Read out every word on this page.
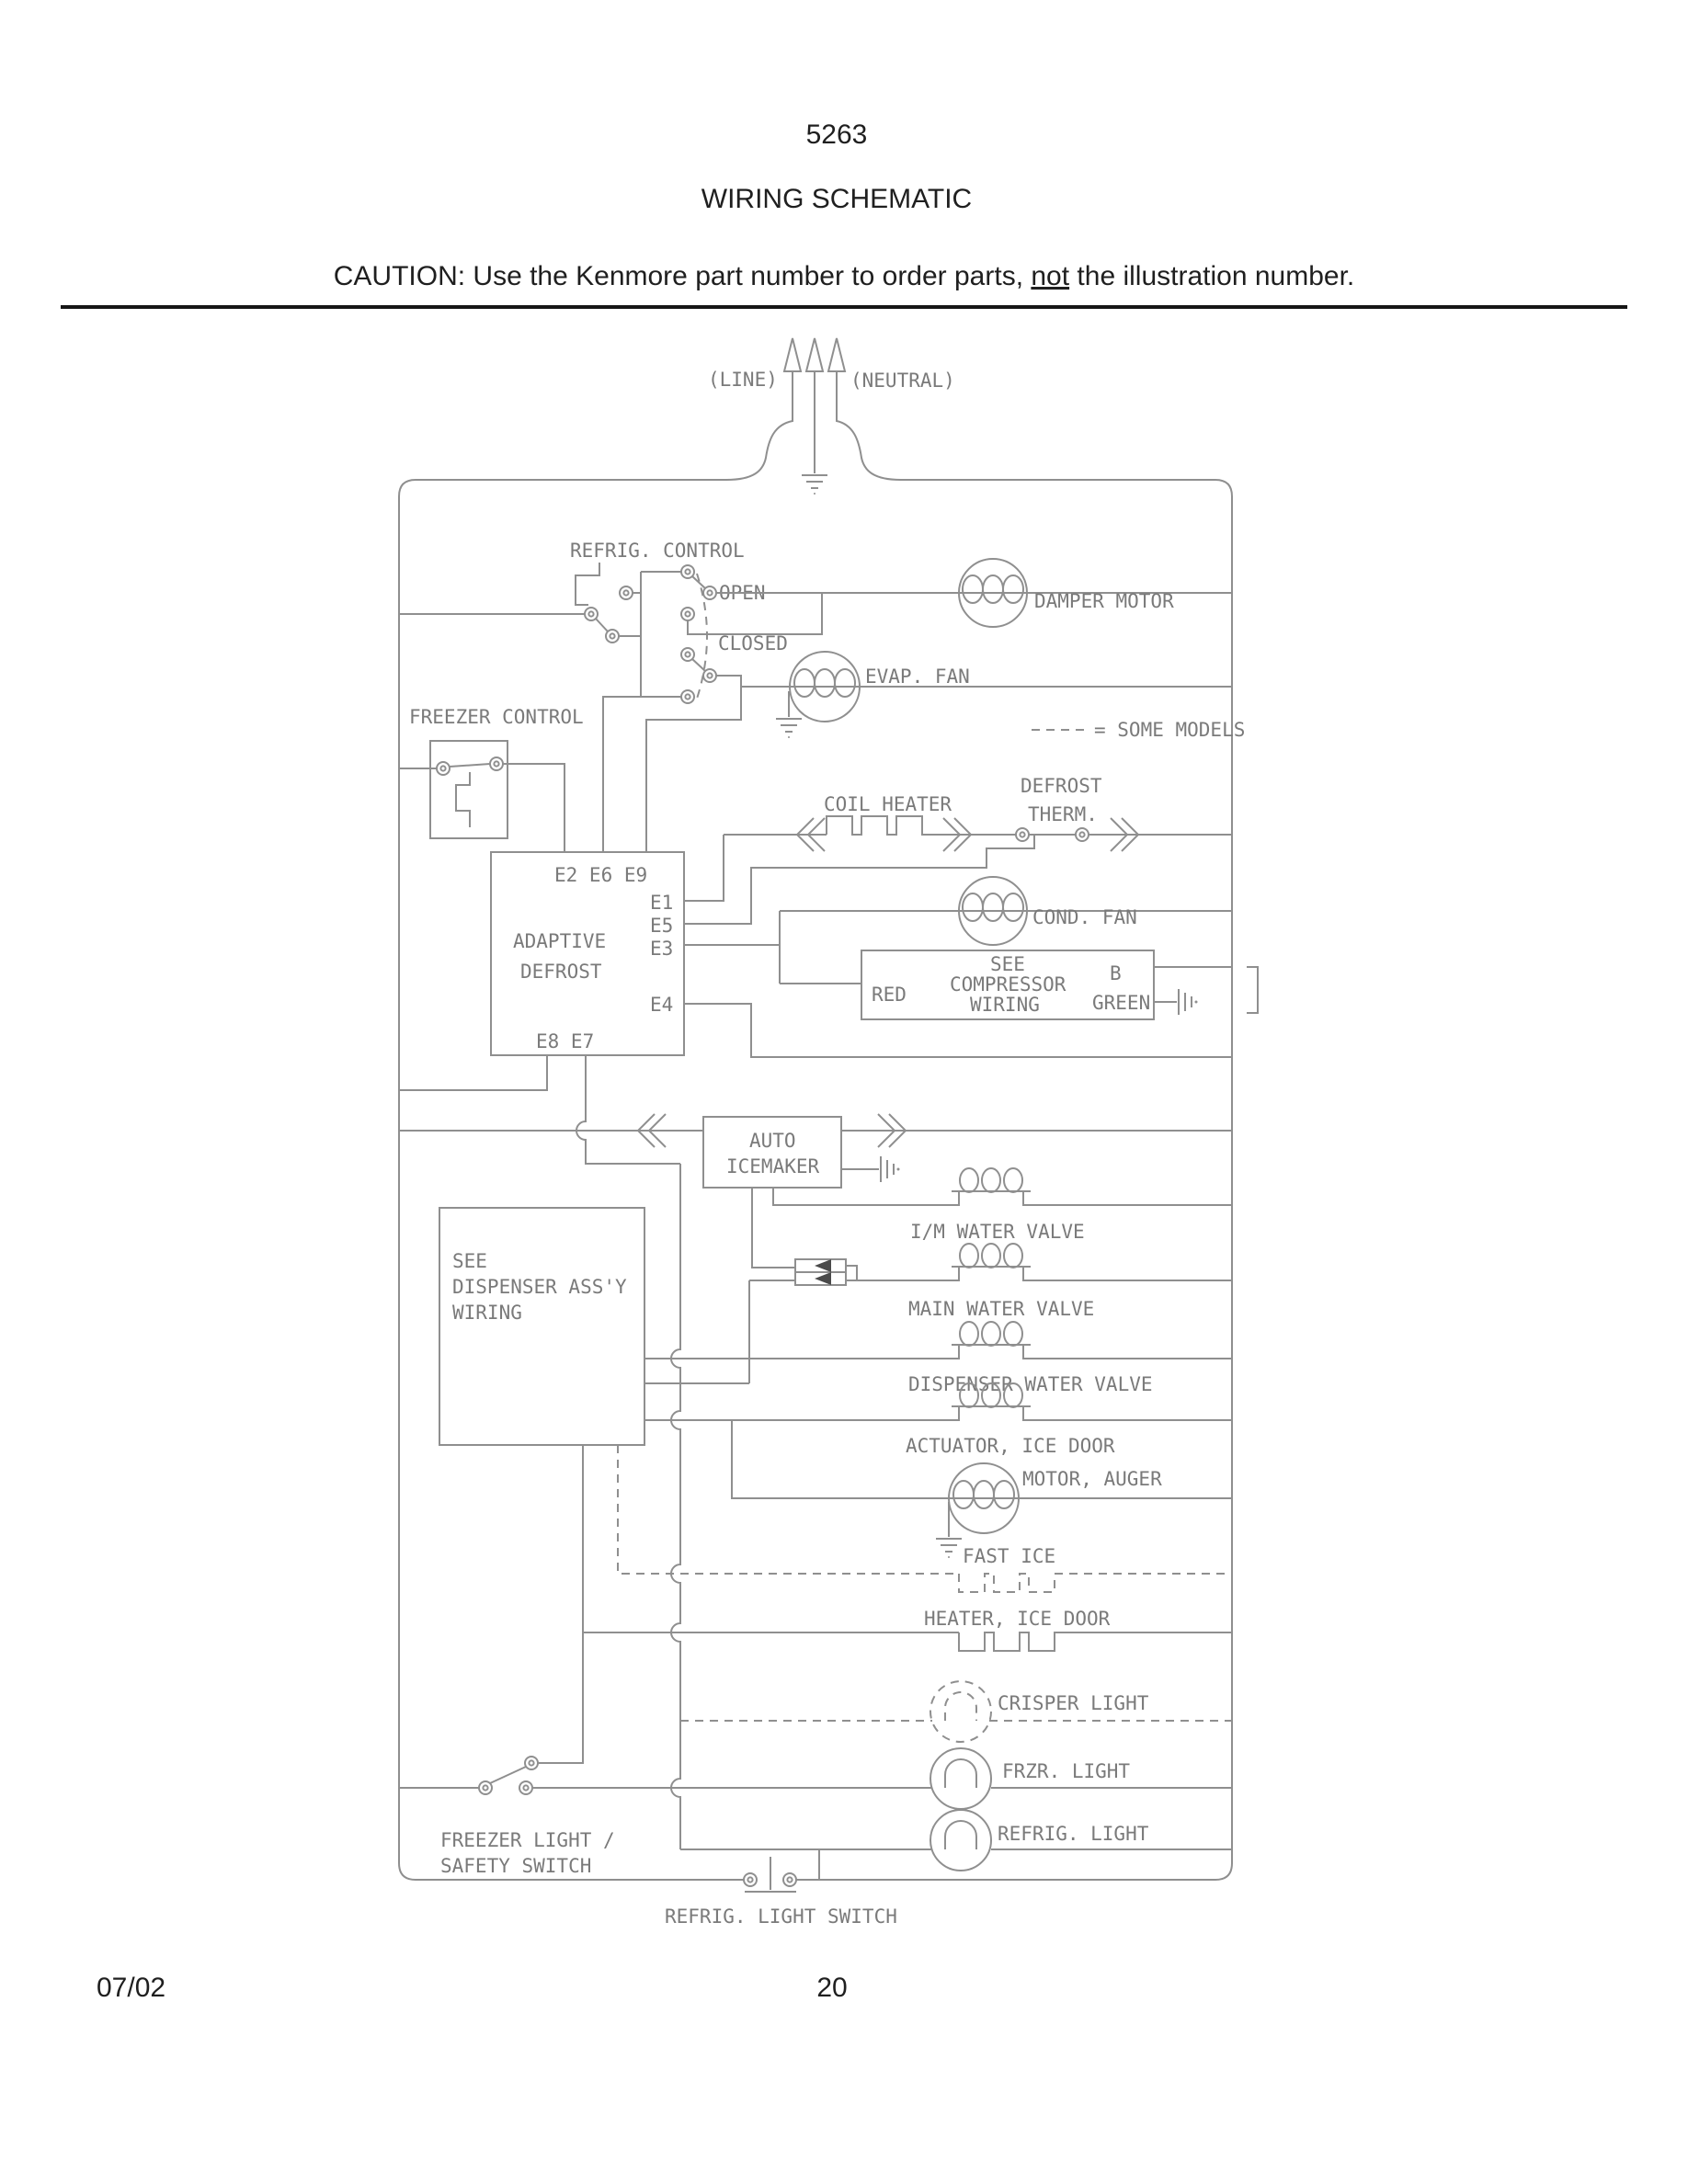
5263
WIRING SCHEMATIC
CAUTION: Use the Kenmore part number to order parts, not the illustration number.
(LINE)	(NEUTRAL)
REFRIG. CONTROL
OPEN
CLOSED
DAMPER MOTOR
EVAP. FAN
= SOME MODELS
FREEZER CONTROL
COIL HEATER
DEFROST
THERM.
E2 E6 E9
ADAPTIVE
DEFROST
E1
E5
E3
E4
E8 E7
COND. FAN
SEE
COMPRESSOR
WIRING
RED
B
GREEN
AUTO
ICEMAKER
I/M WATER VALVE
MAIN WATER VALVE
SEE
DISPENSER ASS'Y
WIRING
DISPENSER WATER VALVE
ACTUATOR, ICE DOOR
MOTOR, AUGER
FAST ICE
HEATER, ICE DOOR
CRISPER LIGHT
FRZR. LIGHT
FREEZER LIGHT /
SAFETY SWITCH
REFRIG. LIGHT
REFRIG. LIGHT SWITCH
07/02	20
